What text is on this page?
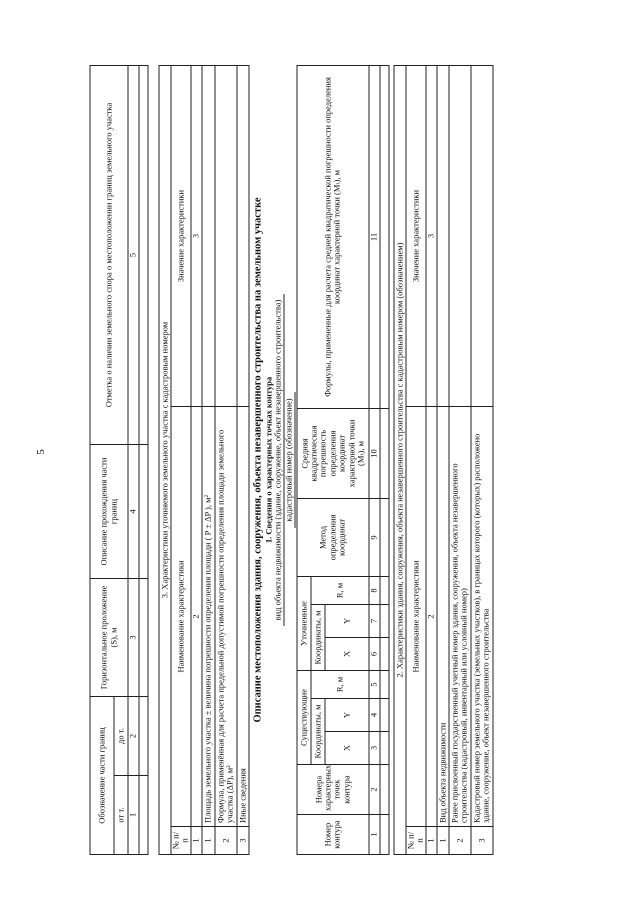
5
Обозначение части границ		Горизонтальное проложение (S), м	Описание прохождения части границ	Отметка о наличии земельного спора о местоположении границ земельного участка
от т.	до т.			
1	2	3	4	5

3. Характеристики уточняемого земельного участка с кадастровым номером		
№ п/п	Наименование характеристики	Значение характеристики
1	2	3
1	Площадь земельного участка ± величина погрешности определения площади ( P ± ΔP ), м²	
2	Формула, применённая для расчета предельной допустимой погрешности определения площади земельного участка (ΔP), м²	
3	Иные сведения	
Описание местоположения здания, сооружения, объекта незавершенного строительства на земельном участке 1. Сведения о характерных точках контура вид объекта недвижимости (здание, сооружение, объект незавершенного строительства) кадастровый номер (обозначение)
Номер контура	Номера характерных точек контура	Существующие			Уточненные			Метод определения координат	Средняя квадратическая погрешность определения координат характерной точки (Mₜ), м	Формулы, примененные для расчета средней квадратической погрешности определения координат характерной точки (Mₜ), м
		Координаты, м		R, м	Координаты, м		R, м			
		X	Y		X	Y				
1	2	3	4	5	6	7	8	9	10	11

2. Характеристики здания, сооружения, объекта незавершенного строительства с кадастровым номером (обозначением)		
№ п/п	Наименование характеристики	Значение характеристики
1	2	3
1	Вид объекта недвижимости	
2	Ранее присвоенный государственный учетный номер здания, сооружения, объекта незавершенного строительства (кадастровый, инвентарный или условный номер)	
3	Кадастровый номер земельного участка (земельных участков), в границах которого (которых) расположено здание, сооружение, объект незавершенного строительства	
